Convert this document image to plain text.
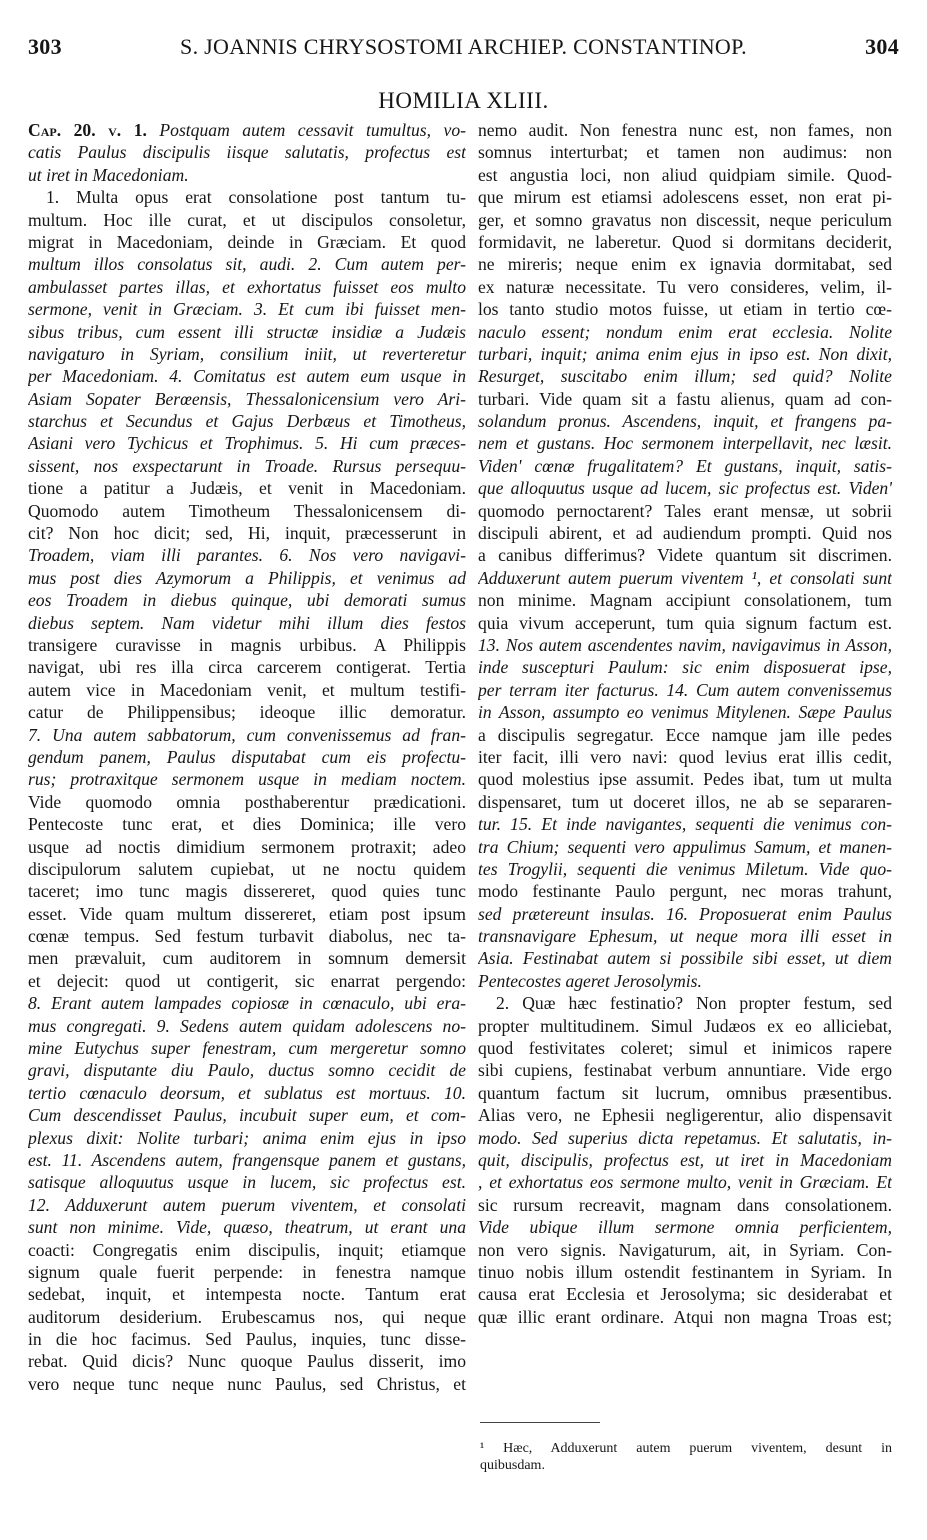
303	S. JOANNIS CHRYSOSTOMI ARCHIEP. CONSTANTINOP.	304
HOMILIA XLIII.
Cap. 20. v. 1. Postquam autem cessavit tumultus, vo-
catis Paulus discipulis iisque salutatis, profectus est
ut iret in Macedoniam.
1. Multa opus erat consolatione post tantum tu-
multum. Hoc ille curat, et ut discipulos consoletur,
migrat in Macedoniam, deinde in Græciam. Et quod
multum illos consolatus sit, audi. 2. Cum autem per-
ambulasset partes illas, et exhortatus fuisset eos multo
sermone, venit in Græciam. 3. Et cum ibi fuisset men-
sibus tribus, cum essent illi structæ insidiæ a Judæis
navigaturo in Syriam, consilium iniit, ut reverteretur
per Macedoniam. 4. Comitatus est autem eum usque in
Asiam Sopater Berœensis, Thessalonicensium vero Ari-
starchus et Secundus et Gajus Derbæus et Timotheus,
Asiani vero Tychicus et Trophimus. 5. Hi cum præces-
sissent, nos exspectarunt in Troade. Rursus persequu-
tione a patitur a Judæis, et venit in Macedoniam.
Quomodo autem Timotheum Thessalonicensem di-
cit? Non hoc dicit; sed, Hi, inquit, præcesserunt in
Troadem, viam illi parantes. 6. Nos vero navigavi-
mus post dies Azymorum a Philippis, et venimus ad
eos Troadem in diebus quinque, ubi demorati sumus
diebus septem. Nam videtur mihi illum dies festos
transigere curavisse in magnis urbibus. A Philippis
navigat, ubi res illa circa carcerem contigerat. Tertia
autem vice in Macedoniam venit, et multum testifi-
catur de Philippensibus; ideoque illic demoratur.
7. Una autem sabbatorum, cum convenissemus ad fran-
gendum panem, Paulus disputabat cum eis profectu-
rus; protraxitque sermonem usque in mediam noctem.
Vide quomodo omnia posthaberentur prædicationi.
Pentecoste tunc erat, et dies Dominica; ille vero
usque ad noctis dimidium sermonem protraxit; adeo
discipulorum salutem cupiebat, ut ne noctu quidem
taceret; imo tunc magis dissereret, quod quies tunc
esset. Vide quam multum dissereret, etiam post ipsum
cœnæ tempus. Sed festum turbavit diabolus, nec ta-
men prævaluit, cum auditorem in somnum demersit
et dejecit: quod ut contigerit, sic enarrat pergendo:
8. Erant autem lampades copiosæ in cœnaculo, ubi era-
mus congregati. 9. Sedens autem quidam adolescens no-
mine Eutychus super fenestram, cum mergeretur somno
gravi, disputante diu Paulo, ductus somno cecidit de
tertio cœnaculo deorsum, et sublatus est mortuus. 10.
Cum descendisset Paulus, incubuit super eum, et com-
plexus dixit: Nolite turbari; anima enim ejus in ipso
est. 11. Ascendens autem, frangensque panem et gustans,
satisque alloquutus usque in lucem, sic profectus est.
12. Adduxerunt autem puerum viventem, et consolati
sunt non minime. Vide, quæso, theatrum, ut erant una
coacti: Congregatis enim discipulis, inquit; etiamque
signum quale fuerit perpende: in fenestra namque
sedebat, inquit, et intempesta nocte. Tantum erat
auditorum desiderium. Erubescamus nos, qui neque
in die hoc facimus. Sed Paulus, inquies, tunc disse-
rebat. Quid dicis? Nunc quoque Paulus disserit, imo
vero neque tunc neque nunc Paulus, sed Christus, et
nemo audit. Non fenestra nunc est, non fames, non
somnus interturbat; et tamen non audimus: non
est angustia loci, non aliud quidpiam simile. Quod-
que mirum est etiamsi adolescens esset, non erat pi-
ger, et somno gravatus non discessit, neque periculum
formidavit, ne laberetur. Quod si dormitans deciderit,
ne mireris; neque enim ex ignavia dormitabat, sed
ex naturæ necessitate. Tu vero consideres, velim, il-
los tanto studio motos fuisse, ut etiam in tertio cœ-
naculo essent; nondum enim erat ecclesia. Nolite
turbari, inquit; anima enim ejus in ipso est. Non dixit,
Resurget, suscitabo enim illum; sed quid? Nolite
turbari. Vide quam sit a fastu alienus, quam ad con-
solandum pronus. Ascendens, inquit, et frangens pa-
nem et gustans. Hoc sermonem interpellavit, nec læsit.
Viden' cœnæ frugalitatem? Et gustans, inquit, satis-
que alloquutus usque ad lucem, sic profectus est. Viden'
quomodo pernoctarent? Tales erant mensæ, ut sobrii
discipuli abirent, et ad audiendum prompti. Quid nos
a canibus differimus? Videte quantum sit discrimen.
Adduxerunt autem puerum viventem ¹, et consolati sunt
non minime. Magnam accipiunt consolationem, tum
quia vivum acceperunt, tum quia signum factum est.
13. Nos autem ascendentes navim, navigavimus in Asson,
inde suscepturi Paulum: sic enim disposuerat ipse,
per terram iter facturus. 14. Cum autem convenissemus
in Asson, assumpto eo venimus Mitylenen. Sæpe Paulus
a discipulis segregatur. Ecce namque jam ille pedes
iter facit, illi vero navi: quod levius erat illis cedit,
quod molestius ipse assumit. Pedes ibat, tum ut multa
dispensaret, tum ut doceret illos, ne ab se separaren-
tur. 15. Et inde navigantes, sequenti die venimus con-
tra Chium; sequenti vero appulimus Samum, et manen-
tes Trogylii, sequenti die venimus Miletum. Vide quo-
modo festinante Paulo pergunt, nec moras trahunt,
sed prætereunt insulas. 16. Proposuerat enim Paulus
transnavigare Ephesum, ut neque mora illi esset in
Asia. Festinabat autem si possibile sibi esset, ut diem
Pentecostes ageret Jerosolymis.
2. Quæ hæc festinatio? Non propter festum, sed
propter multitudinem. Simul Judæos ex eo alliciebat,
quod festivitates coleret; simul et inimicos rapere
sibi cupiens, festinabat verbum annuntiare. Vide ergo
quantum factum sit lucrum, omnibus præsentibus.
Alias vero, ne Ephesii negligerentur, alio dispensavit
modo. Sed superius dicta repetamus. Et salutatis, in-
quit, discipulis, profectus est, ut iret in Macedoniam
, et exhortatus eos sermone multo, venit in Græciam. Et
sic rursum recreavit, magnam dans consolationem.
Vide ubique illum sermone omnia perficientem,
non vero signis. Navigaturum, ait, in Syriam. Con-
tinuo nobis illum ostendit festinantem in Syriam. In
causa erat Ecclesia et Jerosolyma; sic desiderabat et
quæ illic erant ordinare. Atqui non magna Troas est;
¹ Hæc, Adduxerunt autem puerum viventem, desunt in
quibusdam.
